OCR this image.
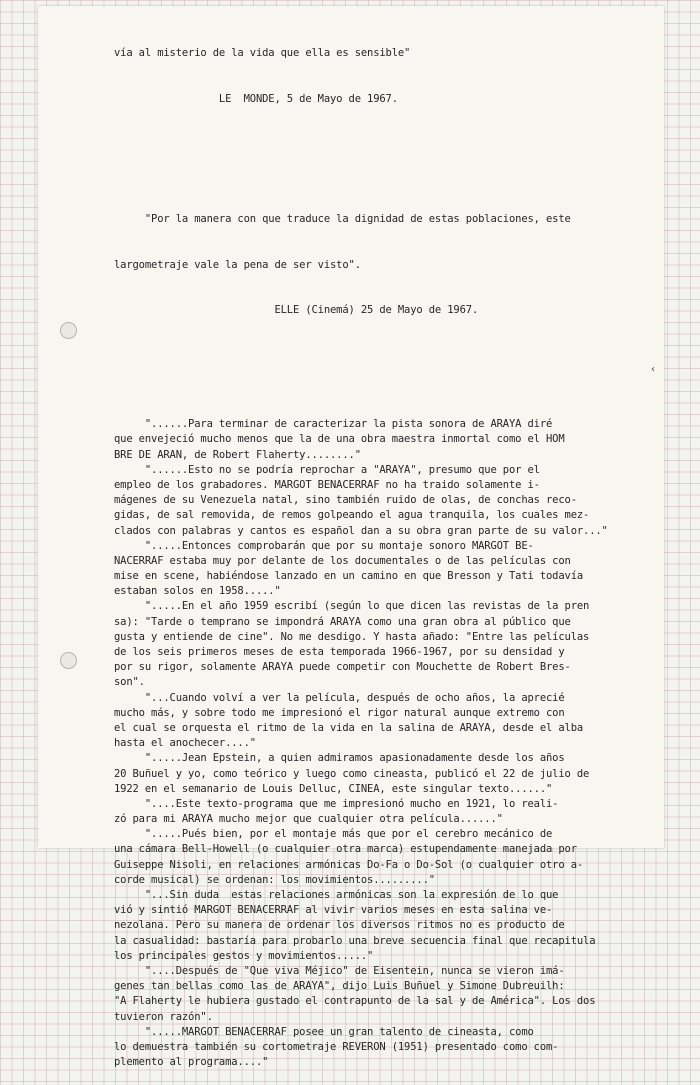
vía al misterio de la vida que ella es sensible"

LE  MONDE, 5 de Mayo de 1967.

"Por la manera con que traduce la dignidad de estas poblaciones, este

largometraje vale la pena de ser visto".

ELLE (Cinemá) 25 de Mayo de 1967.

"......Para terminar de caracterizar la pista sonora de ARAYA diré
que envejeció mucho menos que la de una obra maestra inmortal como el HOM
BRE DE ARAN, de Robert Flaherty........"
"......Esto no se podría reprochar a "ARAYA", presumo que por el
empleo de los grabadores. MARGOT BENACERRAF no ha traido solamente i-
mágenes de su Venezuela natal, sino también ruido de olas, de conchas reco-
gidas, de sal removida, de remos golpeando el agua tranquila, los cuales mez-
clados con palabras y cantos es español dan a su obra gran parte de su valor..."
".....Entonces comprobarán que por su montaje sonoro MARGOT BE-
NACERRAF estaba muy por delante de los documentales o de las películas con
mise en scene, habiéndose lanzado en un camino en que Bresson y Tati todavía
estaban solos en 1958....."
".....En el año 1959 escribí (según lo que dicen las revistas de la pren
sa): "Tarde o temprano se impondrá ARAYA como una gran obra al público que
gusta y entiende de cine". No me desdigo. Y hasta añado: "Entre las películas
de los seis primeros meses de esta temporada 1966-1967, por su densidad y
por su rigor, solamente ARAYA puede competir con Mouchette de Robert Bres-
son".
"...Cuando volví a ver la película, después de ocho años, la aprecié
mucho más, y sobre todo me impresionó el rigor natural aunque extremo con
el cual se orquesta el ritmo de la vida en la salina de ARAYA, desde el alba
hasta el anochecer...."
".....Jean Epstein, a quien admiramos apasionadamente desde los años
20 Buñuel y yo, como teórico y luego como cineasta, publicó el 22 de julio de
1922 en el semanario de Louis Delluc, CINEA, este singular texto......"
"....Este texto-programa que me impresionó mucho en 1921, lo reali-
zó para mi ARAYA mucho mejor que cualquier otra película......"
".....Pués bien, por el montaje más que por el cerebro mecánico de
una cámara Bell-Howell (o cualquier otra marca) estupendamente manejada por
Guiseppe Nisoli, en relaciones armónicas Do-Fa o Do-Sol (o cualquier otro a-
corde musical) se ordenan: los movimientos........."
"...Sin duda  estas relaciones armónicas son la expresión de lo que
vió y sintió MARGOT BENACERRAF al vivir varios meses en esta salina ve-
nezolana. Pero su manera de ordenar los diversos ritmos no es producto de
la casualidad: bastaría para probarlo una breve secuencia final que recapitula
los principales gestos y movimientos....."
"....Después de "Que viva Méjico" de Eisentein, nunca se vieron imá-
genes tan bellas como las de ARAYA", dijo Luis Buñuel y Simone Dubreuilh:
"A Flaherty le hubiera gustado el contrapunto de la sal y de América". Los dos
tuvieron razón".
".....MARGOT BENACERRAF posee un gran talento de cineasta, como
lo demuestra también su cortometraje REVERON (1951) presentado como com-
plemento al programa...."

‹
